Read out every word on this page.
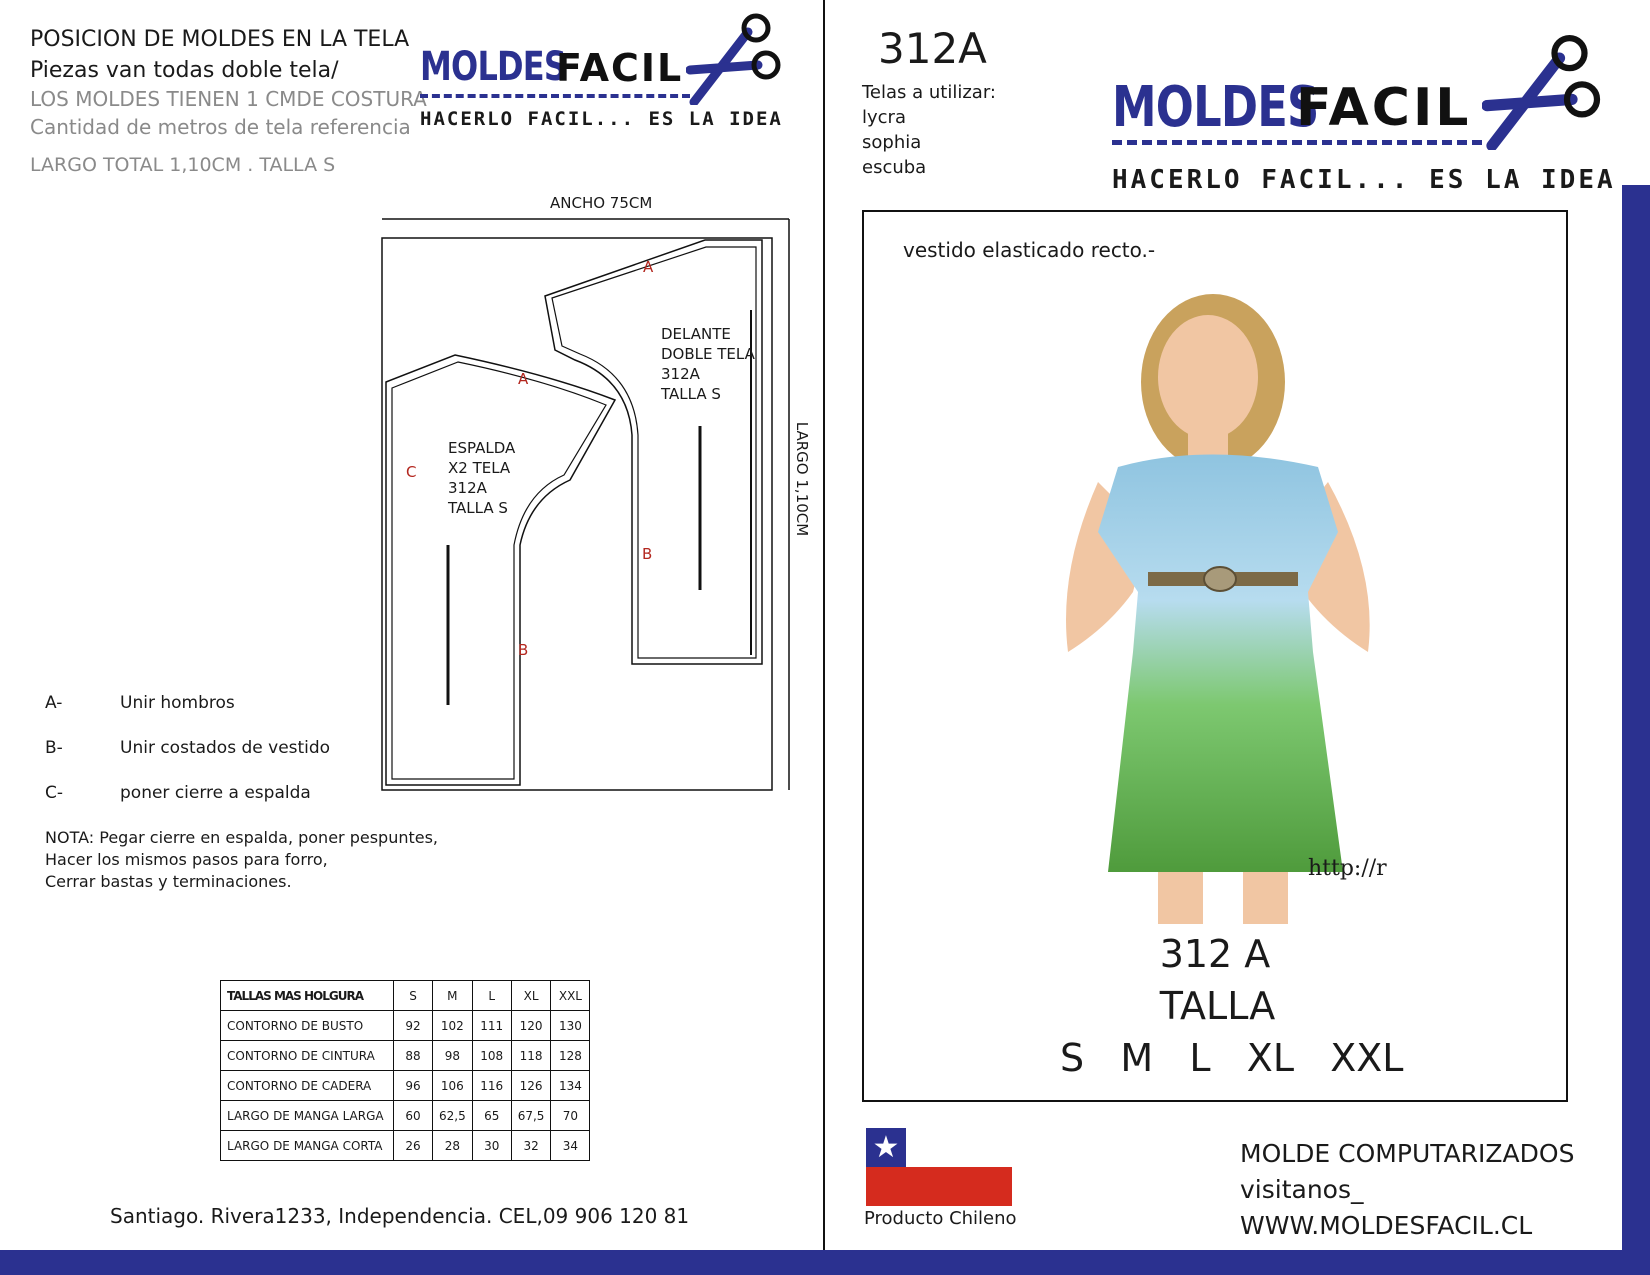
POSICION DE MOLDES EN LA TELA
Piezas van todas doble tela/
LOS MOLDES TIENEN 1 CMDE COSTURA
Cantidad de metros de tela referencia
LARGO TOTAL 1,10CM . TALLA S
MOLDES
FACIL
HACERLO FACIL... ES LA IDEA
ANCHO 75CM
LARGO 1,10CM
A
A
C
B
B
DELANTE
DOBLE TELA
312A
TALLA S
ESPALDA
X2 TELA
312A
TALLA S
A-	Unir hombros
B-	Unir costados de vestido
C-	poner cierre a espalda
NOTA: Pegar cierre en espalda, poner pespuntes,
Hacer los mismos pasos para forro,
Cerrar bastas y terminaciones.
TALLAS MAS HOLGURA	S	M	L	XL	XXL
CONTORNO DE BUSTO	92	102	111	120	130
CONTORNO DE CINTURA	88	98	108	118	128
CONTORNO DE CADERA	96	106	116	126	134
LARGO DE MANGA LARGA	60	62,5	65	67,5	70
LARGO DE MANGA CORTA	26	28	30	32	34
Santiago. Rivera1233, Independencia. CEL,09 906 120 81
312A
Telas a utilizar:
lycra
sophia
escuba
MOLDES
FACIL
HACERLO FACIL... ES LA IDEA
vestido elasticado recto.-
http://r
312 A
TALLA
S   M   L   XL   XXL
★
Producto Chileno
MOLDE COMPUTARIZADOS
visitanos_
WWW.MOLDESFACIL.CL
